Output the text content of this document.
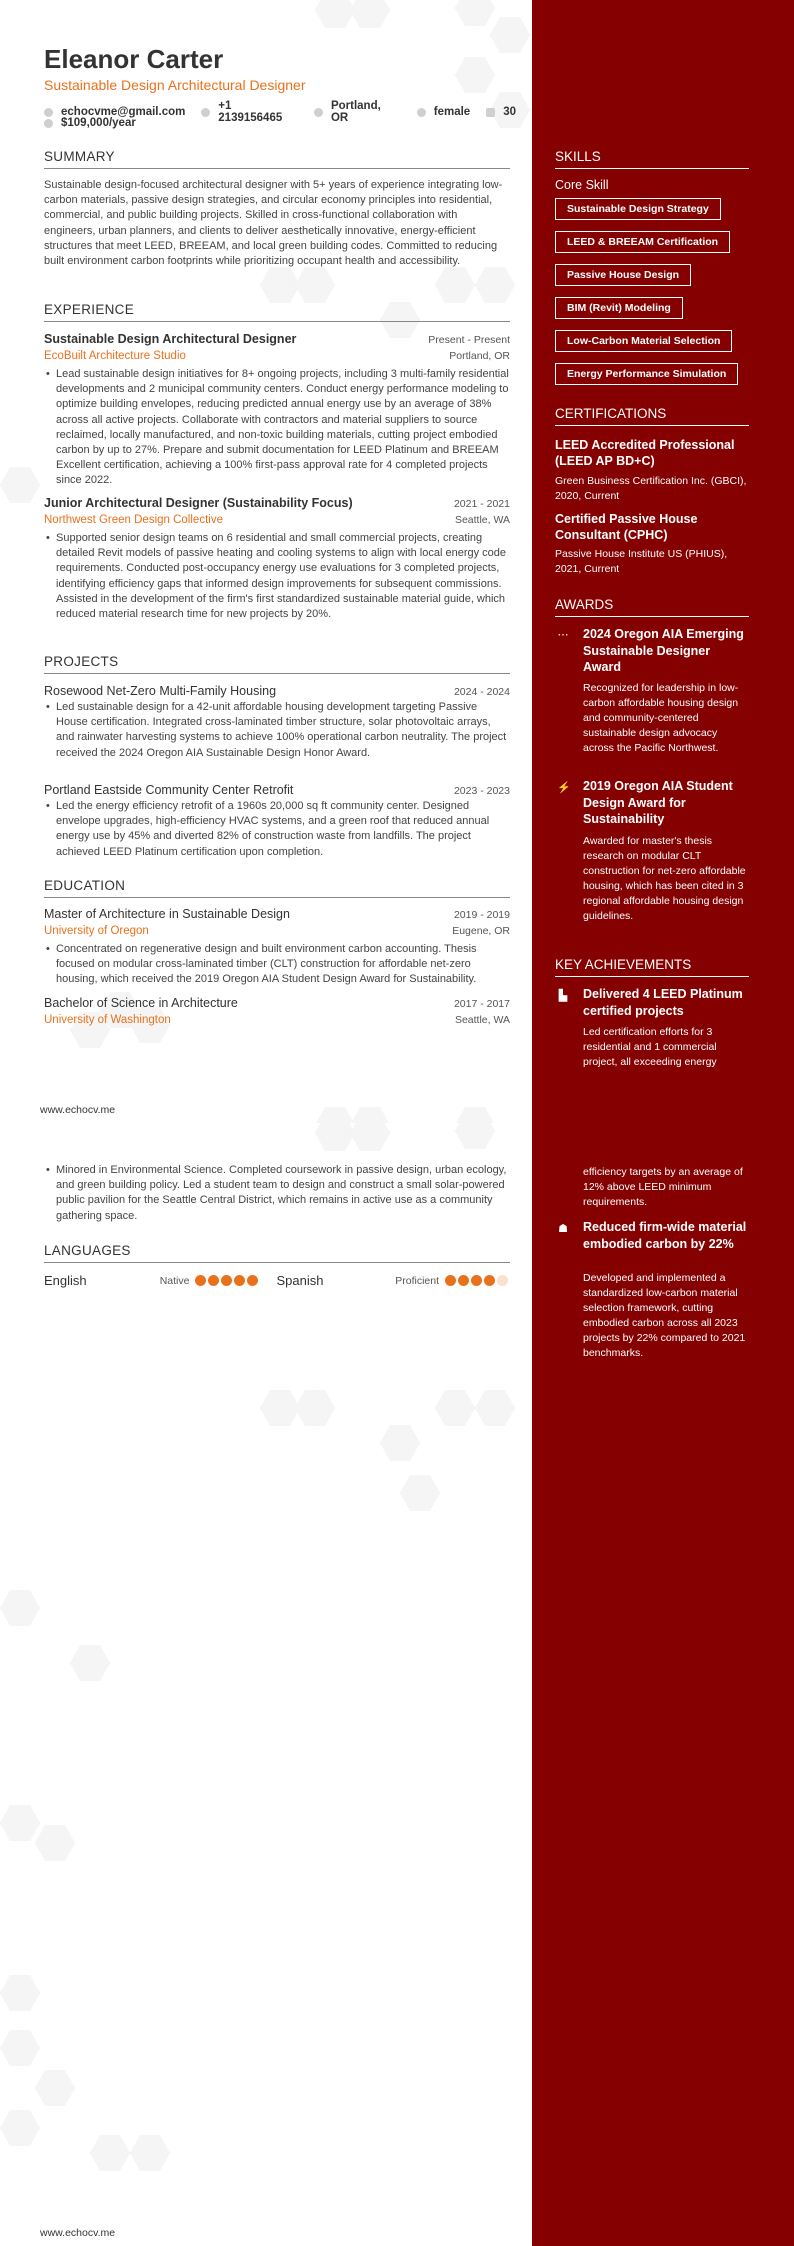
Eleanor Carter
Sustainable Design Architectural Designer
echocvme@gmail.com	+1 2139156465
Portland, OR	female	30
$109,000/year
SUMMARY
Sustainable design-focused architectural designer with 5+ years of experience integrating low-carbon materials, passive design strategies, and circular economy principles into residential, commercial, and public building projects. Skilled in cross-functional collaboration with engineers, urban planners, and clients to deliver aesthetically innovative, energy-efficient structures that meet LEED, BREEAM, and local green building codes. Committed to reducing built environment carbon footprints while prioritizing occupant health and accessibility.
EXPERIENCE
Sustainable Design Architectural Designer	Present - Present
EcoBuilt Architecture Studio	Portland, OR
• Lead sustainable design initiatives for 8+ ongoing projects, including 3 multi-family residential developments and 2 municipal community centers. Conduct energy performance modeling to optimize building envelopes, reducing predicted annual energy use by an average of 38% across all active projects. Collaborate with contractors and material suppliers to source reclaimed, locally manufactured, and non-toxic building materials, cutting project embodied carbon by up to 27%. Prepare and submit documentation for LEED Platinum and BREEAM Excellent certification, achieving a 100% first-pass approval rate for 4 completed projects since 2022.
Junior Architectural Designer (Sustainability Focus)	2021 - 2021
Northwest Green Design Collective	Seattle, WA
• Supported senior design teams on 6 residential and small commercial projects, creating detailed Revit models of passive heating and cooling systems to align with local energy code requirements. Conducted post-occupancy energy use evaluations for 3 completed projects, identifying efficiency gaps that informed design improvements for subsequent commissions. Assisted in the development of the firm's first standardized sustainable material guide, which reduced material research time for new projects by 20%.
PROJECTS
Rosewood Net-Zero Multi-Family Housing	2024 - 2024
• Led sustainable design for a 42-unit affordable housing development targeting Passive House certification. Integrated cross-laminated timber structure, solar photovoltaic arrays, and rainwater harvesting systems to achieve 100% operational carbon neutrality. The project received the 2024 Oregon AIA Sustainable Design Honor Award.
Portland Eastside Community Center Retrofit	2023 - 2023
• Led the energy efficiency retrofit of a 1960s 20,000 sq ft community center. Designed envelope upgrades, high-efficiency HVAC systems, and a green roof that reduced annual energy use by 45% and diverted 82% of construction waste from landfills. The project achieved LEED Platinum certification upon completion.
EDUCATION
Master of Architecture in Sustainable Design	2019 - 2019
University of Oregon	Eugene, OR
• Concentrated on regenerative design and built environment carbon accounting. Thesis focused on modular cross-laminated timber (CLT) construction for affordable net-zero housing, which received the 2019 Oregon AIA Student Design Award for Sustainability.
Bachelor of Science in Architecture	2017 - 2017
University of Washington	Seattle, WA
www.echocv.me
SKILLS
Core Skill
Sustainable Design Strategy
LEED & BREEAM Certification
Passive House Design
BIM (Revit) Modeling
Low-Carbon Material Selection
Energy Performance Simulation
CERTIFICATIONS
LEED Accredited Professional (LEED AP BD+C)
Green Business Certification Inc. (GBCI), 2020, Current
Certified Passive House Consultant (CPHC)
Passive House Institute US (PHIUS), 2021, Current
AWARDS
⋯ 2024 Oregon AIA Emerging Sustainable Designer Award
Recognized for leadership in low-carbon affordable housing design and community-centered sustainable design advocacy across the Pacific Northwest.
⚡ 2019 Oregon AIA Student Design Award for Sustainability
Awarded for master's thesis research on modular CLT construction for net-zero affordable housing, which has been cited in 3 regional affordable housing design guidelines.
KEY ACHIEVEMENTS
▙ Delivered 4 LEED Platinum certified projects
Led certification efforts for 3 residential and 1 commercial project, all exceeding energy
• Minored in Environmental Science. Completed coursework in passive design, urban ecology, and green building policy. Led a student team to design and construct a small solar-powered public pavilion for the Seattle Central District, which remains in active use as a community gathering space.
LANGUAGES
English	Native	Spanish	Proficient
www.echocv.me
efficiency targets by an average of 12% above LEED minimum requirements.
☗ Reduced firm-wide material embodied carbon by 22%
Developed and implemented a standardized low-carbon material selection framework, cutting embodied carbon across all 2023 projects by 22% compared to 2021 benchmarks.
